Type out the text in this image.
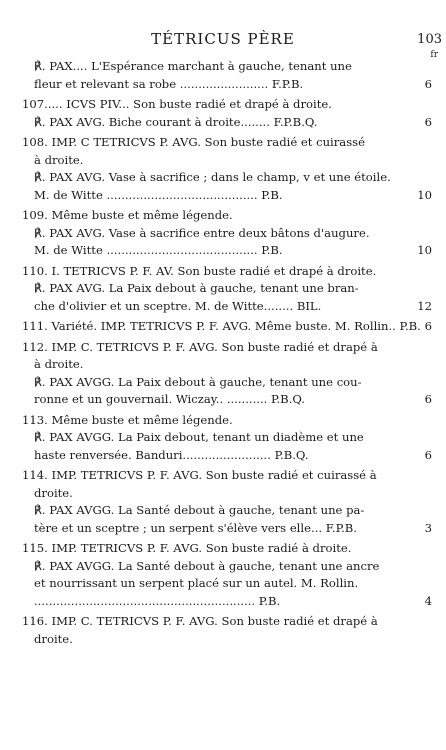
TÉTRICUS PÈRE	103
fr
℟. PAX.... L'Espérance marchant à gauche, tenant une
fleur et relevant sa robe ........................ F.P.B.	6
107..... ICVS PIV... Son buste radié et drapé à droite.
℟. PAX AVG. Biche courant à droite........ F.P.B.Q.	6
108. IMP. C TETRICVS P. AVG. Son buste radié et cuirassé
à droite.
℟. PAX AVG. Vase à sacrifice ; dans le champ, v et une étoile.
M. de Witte ......................................... P.B.	10
109. Même buste et même légende.
℟. PAX AVG. Vase à sacrifice entre deux bâtons d'augure.
M. de Witte ......................................... P.B.	10
110. I. TETRICVS P. F. AV. Son buste radié et drapé à droite.
℟. PAX AVG. La Paix debout à gauche, tenant une bran-
che d'olivier et un sceptre. M. de Witte........ BIL.	12
111. Variété. IMP. TETRICVS P. F. AVG. Même buste. M. Rollin.. P.B. 6
112. IMP. C. TETRICVS P. F. AVG. Son buste radié et drapé à
à droite.
℟. PAX AVGG. La Paix debout à gauche, tenant une cou-
ronne et un gouvernail. Wiczay.. ........... P.B.Q.	6
113. Même buste et même légende.
℟. PAX AVGG. La Paix debout, tenant un diadème et une
haste renversée. Banduri........................ P.B.Q.	6
114. IMP. TETRICVS P. F. AVG. Son buste radié et cuirassé à
droite.
℟. PAX AVGG. La Santé debout à gauche, tenant une pa-
tère et un sceptre ; un serpent s'élève vers elle... F.P.B.	3
115. IMP. TETRICVS P. F. AVG. Son buste radié à droite.
℟. PAX AVGG. La Santé debout à gauche, tenant une ancre
et nourrissant un serpent placé sur un autel. M. Rollin.
............................................................ P.B.	4
116. IMP. C. TETRICVS P. F. AVG. Son buste radié et drapé à
droite.
